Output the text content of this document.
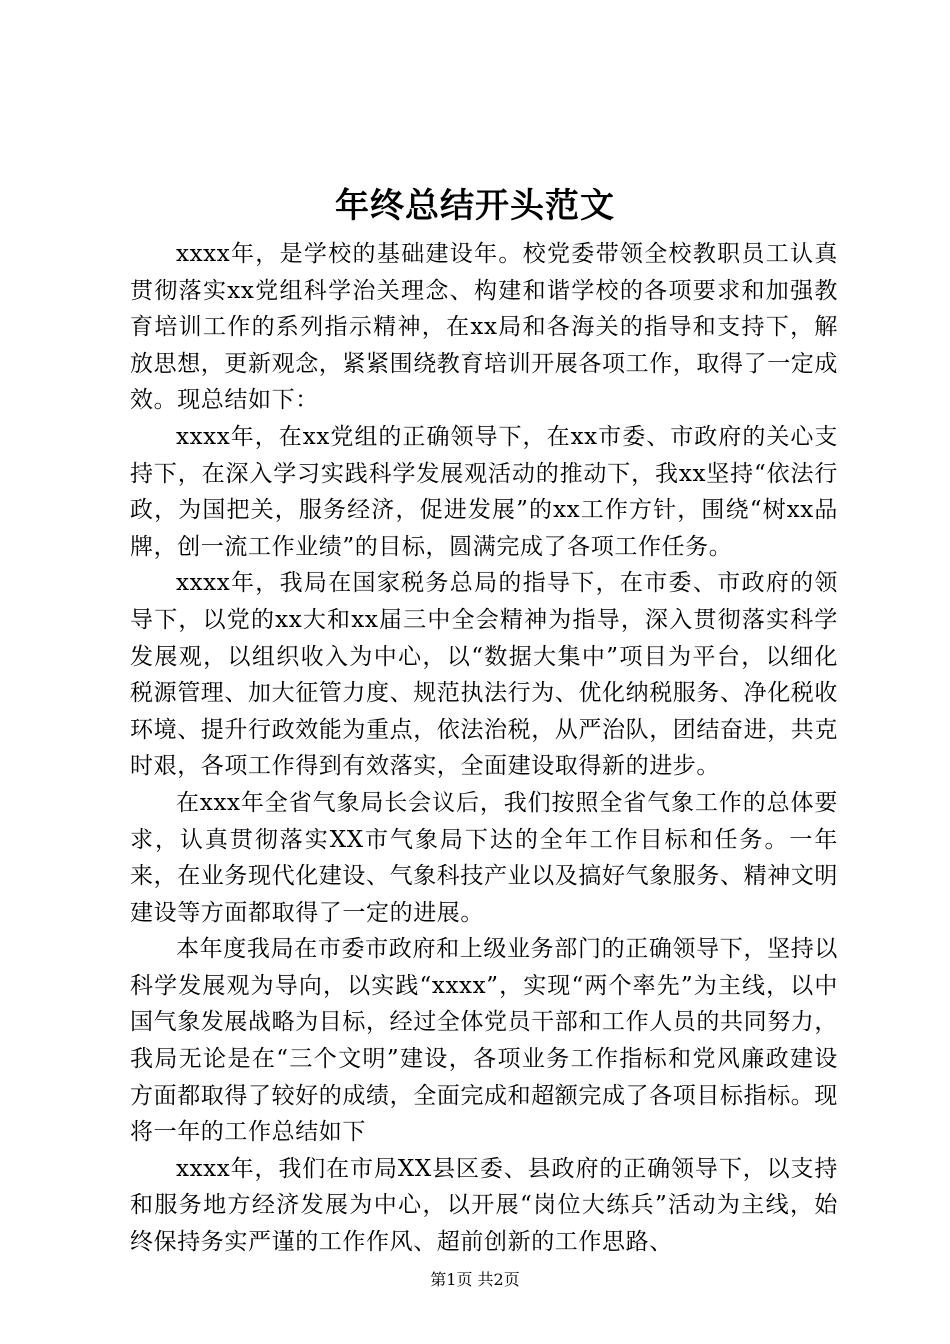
年终总结开头范文

xxxx年，是学校的基础建设年。校党委带领全校教职员工认真贯彻落实xx党组科学治关理念、构建和谐学校的各项要求和加强教育培训工作的系列指示精神，在xx局和各海关的指导和支持下，解放思想，更新观念，紧紧围绕教育培训开展各项工作，取得了一定成效。现总结如下：

xxxx年，在xx党组的正确领导下，在xx市委、市政府的关心支持下，在深入学习实践科学发展观活动的推动下，我xx坚持“依法行政，为国把关，服务经济，促进发展”的xx工作方针，围绕“树xx品牌，创一流工作业绩”的目标，圆满完成了各项工作任务。

xxxx年，我局在国家税务总局的指导下，在市委、市政府的领导下，以党的xx大和xx届三中全会精神为指导，深入贯彻落实科学发展观，以组织收入为中心，以“数据大集中”项目为平台，以细化税源管理、加大征管力度、规范执法行为、优化纳税服务、净化税收环境、提升行政效能为重点，依法治税，从严治队，团结奋进，共克时艰，各项工作得到有效落实，全面建设取得新的进步。

在xxx年全省气象局长会议后，我们按照全省气象工作的总体要求，认真贯彻落实XX市气象局下达的全年工作目标和任务。一年来，在业务现代化建设、气象科技产业以及搞好气象服务、精神文明建设等方面都取得了一定的进展。

本年度我局在市委市政府和上级业务部门的正确领导下，坚持以科学发展观为导向，以实践“xxxx”，实现“两个率先”为主线，以中国气象发展战略为目标，经过全体党员干部和工作人员的共同努力，我局无论是在“三个文明”建设，各项业务工作指标和党风廉政建设方面都取得了较好的成绩，全面完成和超额完成了各项目标指标。现将一年的工作总结如下

xxxx年，我们在市局XX县区委、县政府的正确领导下，以支持和服务地方经济发展为中心，以开展“岗位大练兵”活动为主线，始终保持务实严谨的工作作风、超前创新的工作思路、

第1页 共2页
